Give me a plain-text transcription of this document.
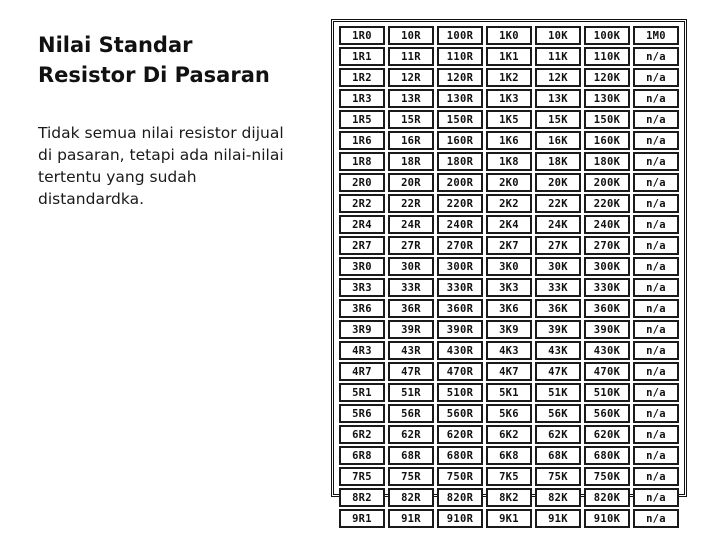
Nilai Standar
Resistor Di Pasaran
Tidak semua nilai resistor dijual
di pasaran, tetapi ada nilai-nilai
tertentu yang sudah
distandardka.
1R0	10R	100R	1K0	10K	100K	1M0
1R1	11R	110R	1K1	11K	110K	n/a
1R2	12R	120R	1K2	12K	120K	n/a
1R3	13R	130R	1K3	13K	130K	n/a
1R5	15R	150R	1K5	15K	150K	n/a
1R6	16R	160R	1K6	16K	160K	n/a
1R8	18R	180R	1K8	18K	180K	n/a
2R0	20R	200R	2K0	20K	200K	n/a
2R2	22R	220R	2K2	22K	220K	n/a
2R4	24R	240R	2K4	24K	240K	n/a
2R7	27R	270R	2K7	27K	270K	n/a
3R0	30R	300R	3K0	30K	300K	n/a
3R3	33R	330R	3K3	33K	330K	n/a
3R6	36R	360R	3K6	36K	360K	n/a
3R9	39R	390R	3K9	39K	390K	n/a
4R3	43R	430R	4K3	43K	430K	n/a
4R7	47R	470R	4K7	47K	470K	n/a
5R1	51R	510R	5K1	51K	510K	n/a
5R6	56R	560R	5K6	56K	560K	n/a
6R2	62R	620R	6K2	62K	620K	n/a
6R8	68R	680R	6K8	68K	680K	n/a
7R5	75R	750R	7K5	75K	750K	n/a
8R2	82R	820R	8K2	82K	820K	n/a
9R1	91R	910R	9K1	91K	910K	n/a
